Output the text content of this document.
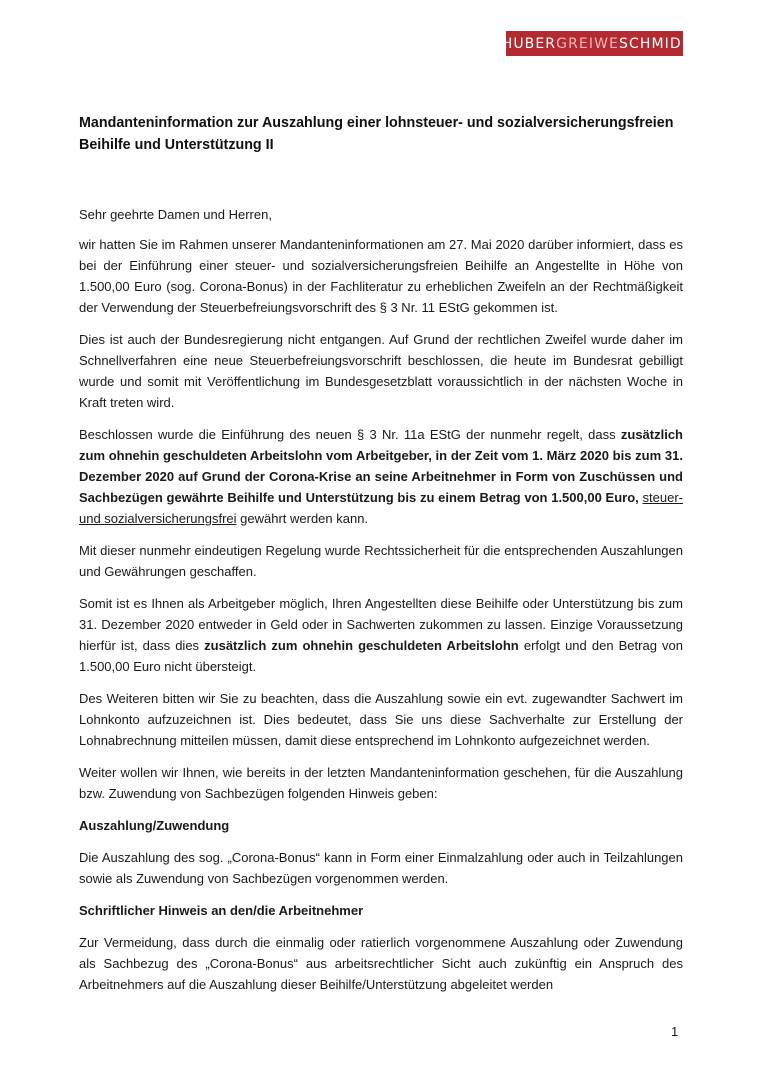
HUBER GREIWE SCHMID .
Mandanteninformation zur Auszahlung einer lohnsteuer- und sozialversicherungsfreien Beihilfe und Unterstützung II

Sehr geehrte Damen und Herren,

wir hatten Sie im Rahmen unserer Mandanteninformationen am 27. Mai 2020 darüber informiert, dass es bei der Einführung einer steuer- und sozialversicherungsfreien Beihilfe an Angestellte in Höhe von 1.500,00 Euro (sog. Corona-Bonus) in der Fachliteratur zu erheblichen Zweifeln an der Rechtmäßigkeit der Verwendung der Steuerbefreiungsvorschrift des § 3 Nr. 11 EStG gekommen ist.

Dies ist auch der Bundesregierung nicht entgangen. Auf Grund der rechtlichen Zweifel wurde daher im Schnellverfahren eine neue Steuerbefreiungsvorschrift beschlossen, die heute im Bundesrat gebilligt wurde und somit mit Veröffentlichung im Bundesgesetzblatt voraussichtlich in der nächsten Woche in Kraft treten wird.

Beschlossen wurde die Einführung des neuen § 3 Nr. 11a EStG der nunmehr regelt, dass zusätzlich zum ohnehin geschuldeten Arbeitslohn vom Arbeitgeber, in der Zeit vom 1. März 2020 bis zum 31. Dezember 2020 auf Grund der Corona-Krise an seine Arbeitnehmer in Form von Zuschüssen und Sachbezügen gewährte Beihilfe und Unterstützung bis zu einem Betrag von 1.500,00 Euro, steuer- und sozialversicherungsfrei gewährt werden kann.

Mit dieser nunmehr eindeutigen Regelung wurde Rechtssicherheit für die entsprechenden Auszahlungen und Gewährungen geschaffen.

Somit ist es Ihnen als Arbeitgeber möglich, Ihren Angestellten diese Beihilfe oder Unterstützung bis zum 31. Dezember 2020 entweder in Geld oder in Sachwerten zukommen zu lassen. Einzige Voraussetzung hierfür ist, dass dies zusätzlich zum ohnehin geschuldeten Arbeitslohn erfolgt und den Betrag von 1.500,00 Euro nicht übersteigt.

Des Weiteren bitten wir Sie zu beachten, dass die Auszahlung sowie ein evt. zugewandter Sachwert im Lohnkonto aufzuzeichnen ist. Dies bedeutet, dass Sie uns diese Sachverhalte zur Erstellung der Lohnabrechnung mitteilen müssen, damit diese entsprechend im Lohnkonto aufgezeichnet werden.

Weiter wollen wir Ihnen, wie bereits in der letzten Mandanteninformation geschehen, für die Auszahlung bzw. Zuwendung von Sachbezügen folgenden Hinweis geben:

Auszahlung/Zuwendung

Die Auszahlung des sog. „Corona-Bonus“ kann in Form einer Einmalzahlung oder auch in Teilzahlungen sowie als Zuwendung von Sachbezügen vorgenommen werden.

Schriftlicher Hinweis an den/die Arbeitnehmer

Zur Vermeidung, dass durch die einmalig oder ratierlich vorgenommene Auszahlung oder Zuwendung als Sachbezug des „Corona-Bonus“ aus arbeitsrechtlicher Sicht auch zukünftig ein Anspruch des Arbeitnehmers auf die Auszahlung dieser Beihilfe/Unterstützung abgeleitet werden

1
